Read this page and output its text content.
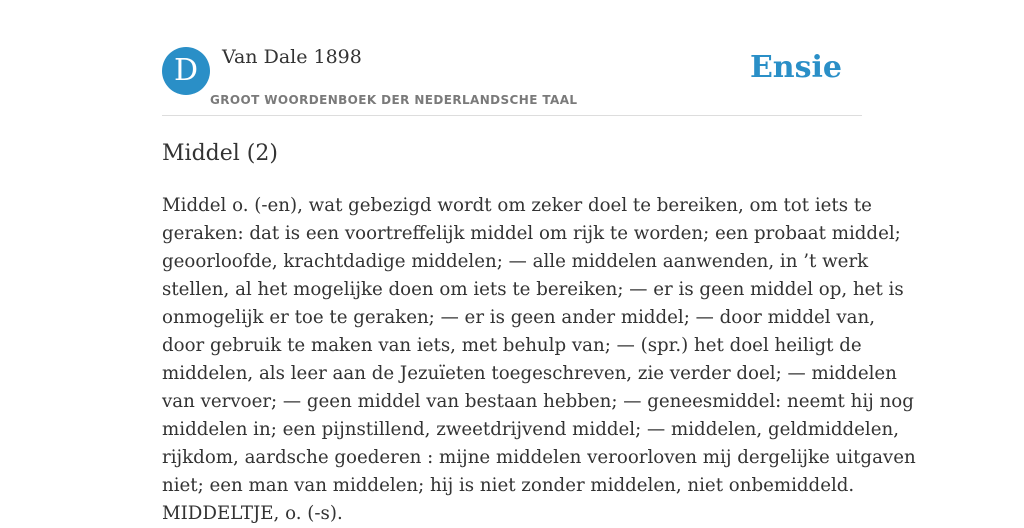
D	Van Dale 1898
GROOT WOORDENBOEK DER NEDERLANDSCHE TAAL
Ensie
Middel (2)
Middel o. (-en), wat gebezigd wordt om zeker doel te bereiken, om tot iets te
geraken: dat is een voortreffelijk middel om rijk te worden; een probaat middel;
geoorloofde, krachtdadige middelen; — alle middelen aanwenden, in ’t werk
stellen, al het mogelijke doen om iets te bereiken; — er is geen middel op, het is
onmogelijk er toe te geraken; — er is geen ander middel; — door middel van,
door gebruik te maken van iets, met behulp van; — (spr.) het doel heiligt de
middelen, als leer aan de Jezuïeten toegeschreven, zie verder doel; — middelen
van vervoer; — geen middel van bestaan hebben; — geneesmiddel: neemt hij nog
middelen in; een pijnstillend, zweetdrijvend middel; — middelen, geldmiddelen,
rijkdom, aardsche goederen : mijne middelen veroorloven mij dergelijke uitgaven
niet; een man van middelen; hij is niet zonder middelen, niet onbemiddeld.
MIDDELTJE, o. (-s).
